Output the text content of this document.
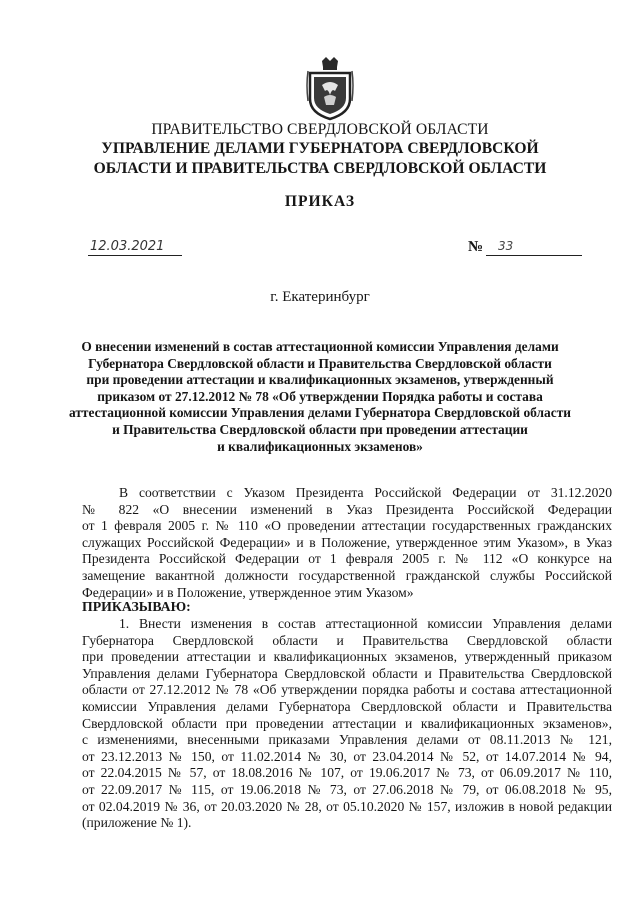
ПРАВИТЕЛЬСТВО СВЕРДЛОВСКОЙ ОБЛАСТИ
УПРАВЛЕНИЕ ДЕЛАМИ ГУБЕРНАТОРА СВЕРДЛОВСКОЙ
ОБЛАСТИ И ПРАВИТЕЛЬСТВА СВЕРДЛОВСКОЙ ОБЛАСТИ
ПРИКАЗ
12.03.2021	№	33
г. Екатеринбург
О внесении изменений в состав аттестационной комиссии Управления делами
Губернатора Свердловской области и Правительства Свердловской области
при проведении аттестации и квалификационных экзаменов, утвержденный
приказом от 27.12.2012 № 78 «Об утверждении Порядка работы и состава
аттестационной комиссии Управления делами Губернатора Свердловской области
и Правительства Свердловской области при проведении аттестации
и квалификационных экзаменов»
В соответствии с Указом Президента Российской Федерации от 31.12.2020
№ 822 «О внесении изменений в Указ Президента Российской Федерации
от 1 февраля 2005 г. № 110 «О проведении аттестации государственных гражданских
служащих Российской Федерации» и в Положение, утвержденное этим Указом», в Указ
Президента Российской Федерации от 1 февраля 2005 г. № 112 «О конкурсе на
замещение вакантной должности государственной гражданской службы Российской
Федерации» и в Положение, утвержденное этим Указом»
ПРИКАЗЫВАЮ:
1. Внести изменения в состав аттестационной комиссии Управления делами
Губернатора Свердловской области и Правительства Свердловской области
при проведении аттестации и квалификационных экзаменов, утвержденный приказом
Управления делами Губернатора Свердловской области и Правительства Свердловской
области от 27.12.2012 № 78 «Об утверждении порядка работы и состава аттестационной
комиссии Управления делами Губернатора Свердловской области и Правительства
Свердловской области при проведении аттестации и квалификационных экзаменов»,
с изменениями, внесенными приказами Управления делами от 08.11.2013 № 121,
от 23.12.2013 № 150, от 11.02.2014 № 30, от 23.04.2014 № 52, от 14.07.2014 № 94,
от 22.04.2015 № 57, от 18.08.2016 № 107, от 19.06.2017 № 73, от 06.09.2017 № 110,
от 22.09.2017 № 115, от 19.06.2018 № 73, от 27.06.2018 № 79, от 06.08.2018 № 95,
от 02.04.2019 № 36, от 20.03.2020 № 28, от 05.10.2020 № 157, изложив в новой редакции
(приложение № 1).
